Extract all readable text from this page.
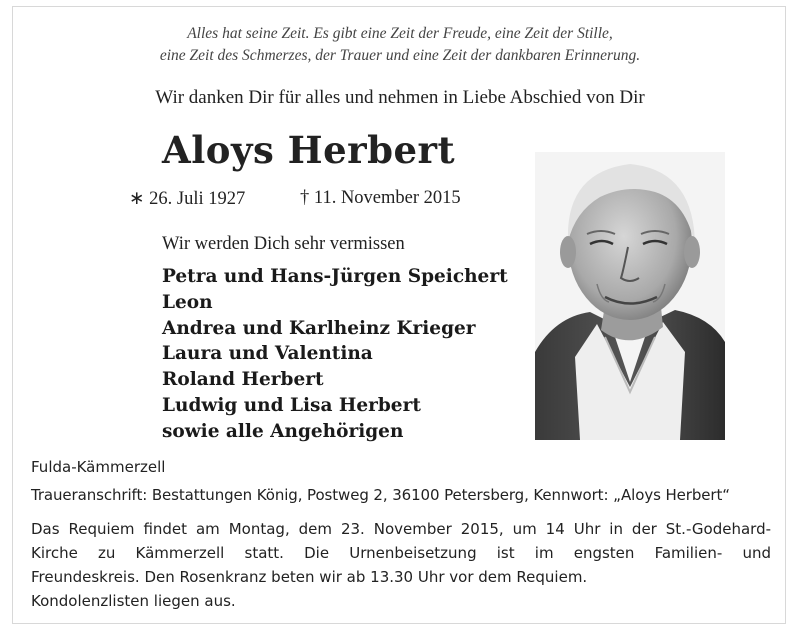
Alles hat seine Zeit. Es gibt eine Zeit der Freude, eine Zeit der Stille,
eine Zeit des Schmerzes, der Trauer und eine Zeit der dankbaren Erinnerung.
Wir danken Dir für alles und nehmen in Liebe Abschied von Dir
Aloys Herbert
∗ 26. Juli 1927	† 11. November 2015
Wir werden Dich sehr vermissen
Petra und Hans-Jürgen Speichert
Leon
Andrea und Karlheinz Krieger
Laura und Valentina
Roland Herbert
Ludwig und Lisa Herbert
sowie alle Angehörigen
Fulda-Kämmerzell
Traueranschrift: Bestattungen König, Postweg 2, 36100 Petersberg, Kennwort: „Aloys Herbert“

Das Requiem findet am Montag, dem 23. November 2015, um 14 Uhr in der St.-Godehard-
Kirche zu Kämmerzell statt. Die Urnenbeisetzung ist im engsten Familien- und
Freundeskreis. Den Rosenkranz beten wir ab 13.30 Uhr vor dem Requiem.
Kondolenzlisten liegen aus.
